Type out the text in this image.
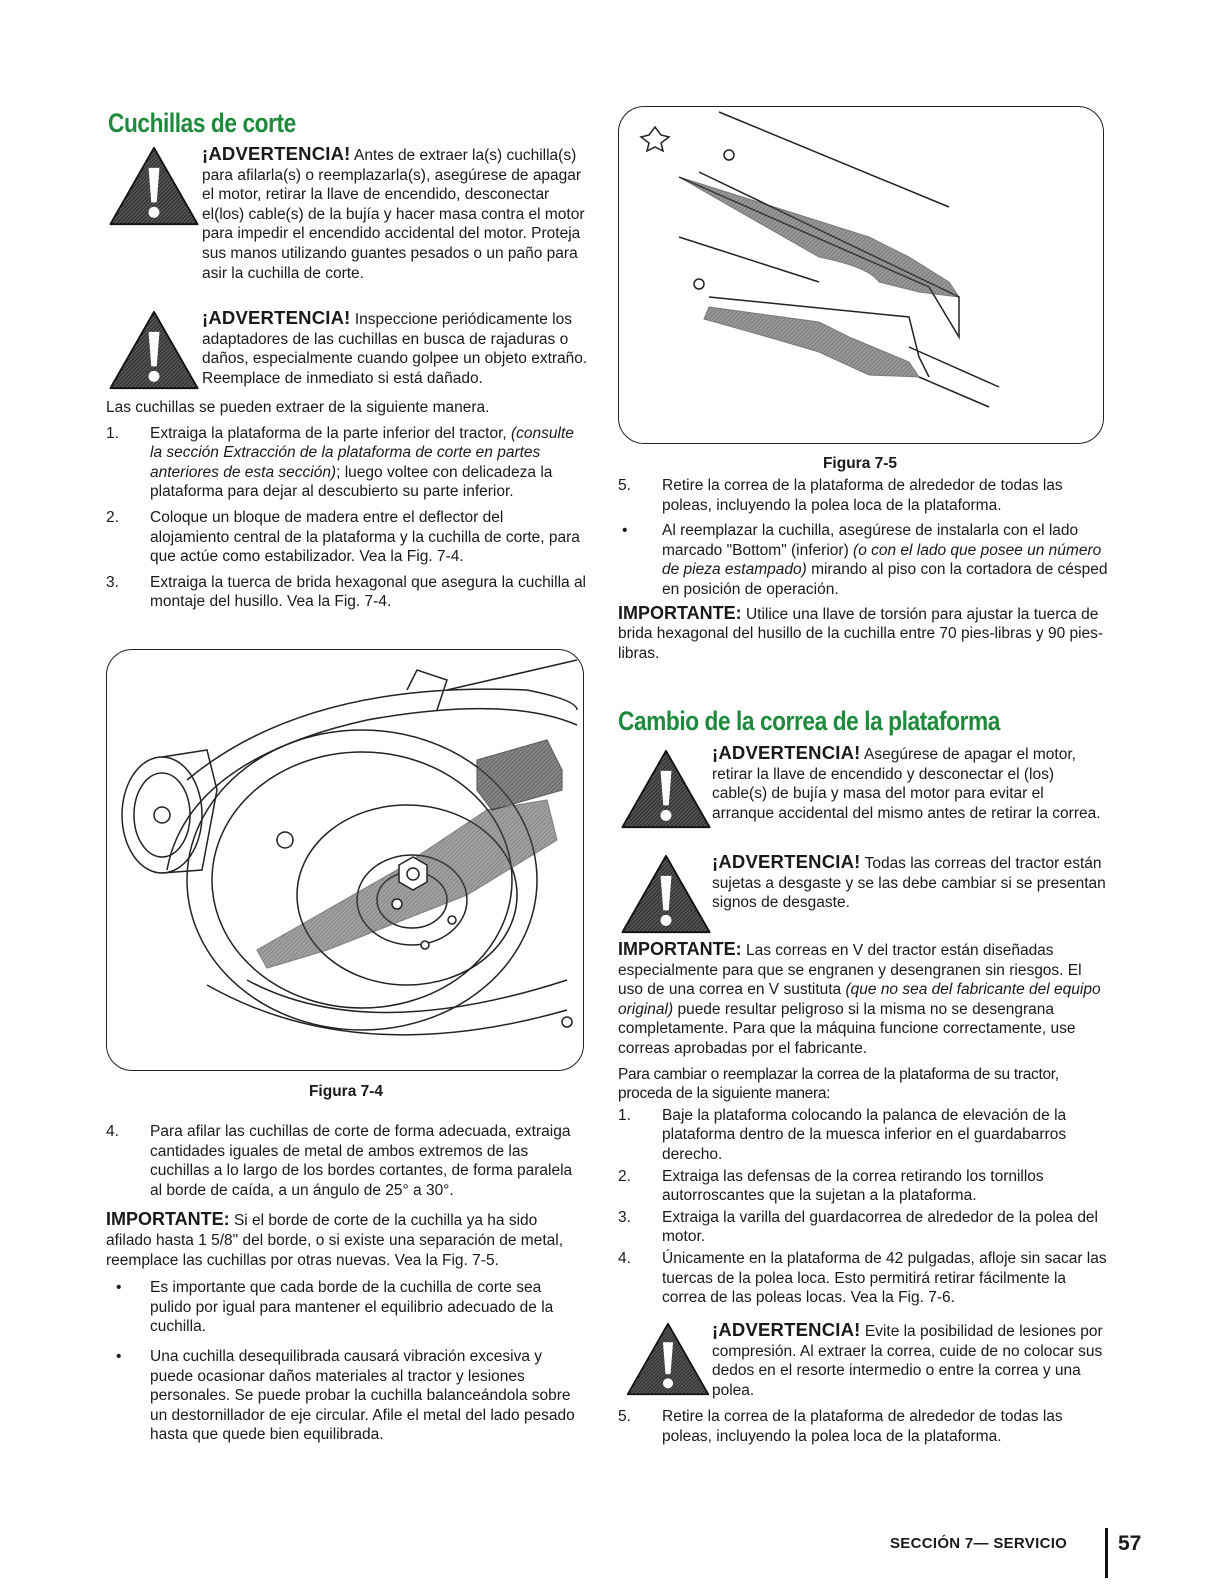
Cuchillas de corte
¡ADVERTENCIA! Antes de extraer la(s) cuchilla(s) para afilarla(s) o reemplazarla(s), asegúrese de apagar el motor, retirar la llave de encendido, desconectar el(los) cable(s) de la bujía y hacer masa contra el motor para impedir el encendido accidental del motor. Proteja sus manos utilizando guantes pesados o un paño para asir la cuchilla de corte.
¡ADVERTENCIA! Inspeccione periódicamente los adaptadores de las cuchillas en busca de rajaduras o daños, especialmente cuando golpee un objeto extraño. Reemplace de inmediato si está dañado.

Las cuchillas se pueden extraer de la siguiente manera.

1. Extraiga la plataforma de la parte inferior del tractor, (consulte la sección Extracción de la plataforma de corte en partes anteriores de esta sección); luego voltee con delicadeza la plataforma para dejar al descubierto su parte inferior.
2. Coloque un bloque de madera entre el deflector del alojamiento central de la plataforma y la cuchilla de corte, para que actúe como estabilizador. Vea la Fig. 7-4.
3. Extraiga la tuerca de brida hexagonal que asegura la cuchilla al montaje del husillo. Vea la Fig. 7-4.
Figura 7-4
4. Para afilar las cuchillas de corte de forma adecuada, extraiga cantidades iguales de metal de ambos extremos de las cuchillas a lo largo de los bordes cortantes, de forma paralela al borde de caída, a un ángulo de 25° a 30°.

IMPORTANTE: Si el borde de corte de la cuchilla ya ha sido afilado hasta 1 5/8" del borde, o si existe una separación de metal, reemplace las cuchillas por otras nuevas. Vea la Fig. 7-5.

• Es importante que cada borde de la cuchilla de corte sea pulido por igual para mantener el equilibrio adecuado de la cuchilla.
• Una cuchilla desequilibrada causará vibración excesiva y puede ocasionar daños materiales al tractor y lesiones personales. Se puede probar la cuchilla balanceándola sobre un destornillador de eje circular. Afile el metal del lado pesado hasta que quede bien equilibrada.
Figura 7-5
5. Retire la correa de la plataforma de alrededor de todas las poleas, incluyendo la polea loca de la plataforma.
• Al reemplazar la cuchilla, asegúrese de instalarla con el lado marcado "Bottom" (inferior) (o con el lado que posee un número de pieza estampado) mirando al piso con la cortadora de césped en posición de operación.

IMPORTANTE: Utilice una llave de torsión para ajustar la tuerca de brida hexagonal del husillo de la cuchilla entre 70 pies-libras y 90 pies-libras.

Cambio de la correa de la plataforma
¡ADVERTENCIA! Asegúrese de apagar el motor, retirar la llave de encendido y desconectar el (los) cable(s) de bujía y masa del motor para evitar el arranque accidental del mismo antes de retirar la correa.
¡ADVERTENCIA! Todas las correas del tractor están sujetas a desgaste y se las debe cambiar si se presentan signos de desgaste.

IMPORTANTE: Las correas en V del tractor están diseñadas especialmente para que se engranen y desengranen sin riesgos. El uso de una correa en V sustituta (que no sea del fabricante del equipo original) puede resultar peligroso si la misma no se desengrana completamente. Para que la máquina funcione correctamente, use correas aprobadas por el fabricante.

Para cambiar o reemplazar la correa de la plataforma de su tractor, proceda de la siguiente manera:

1. Baje la plataforma colocando la palanca de elevación de la plataforma dentro de la muesca inferior en el guardabarros derecho.
2. Extraiga las defensas de la correa retirando los tornillos autorroscantes que la sujetan a la plataforma.
3. Extraiga la varilla del guardacorrea de alrededor de la polea del motor.
4. Únicamente en la plataforma de 42 pulgadas, afloje sin sacar las tuercas de la polea loca. Esto permitirá retirar fácilmente la correa de las poleas locas. Vea la Fig. 7-6.
¡ADVERTENCIA! Evite la posibilidad de lesiones por compresión. Al extraer la correa, cuide de no colocar sus dedos en el resorte intermedio o entre la correa y una polea.
5. Retire la correa de la plataforma de alrededor de todas las poleas, incluyendo la polea loca de la plataforma.
SECCIÓN 7— SERVICIO 57
